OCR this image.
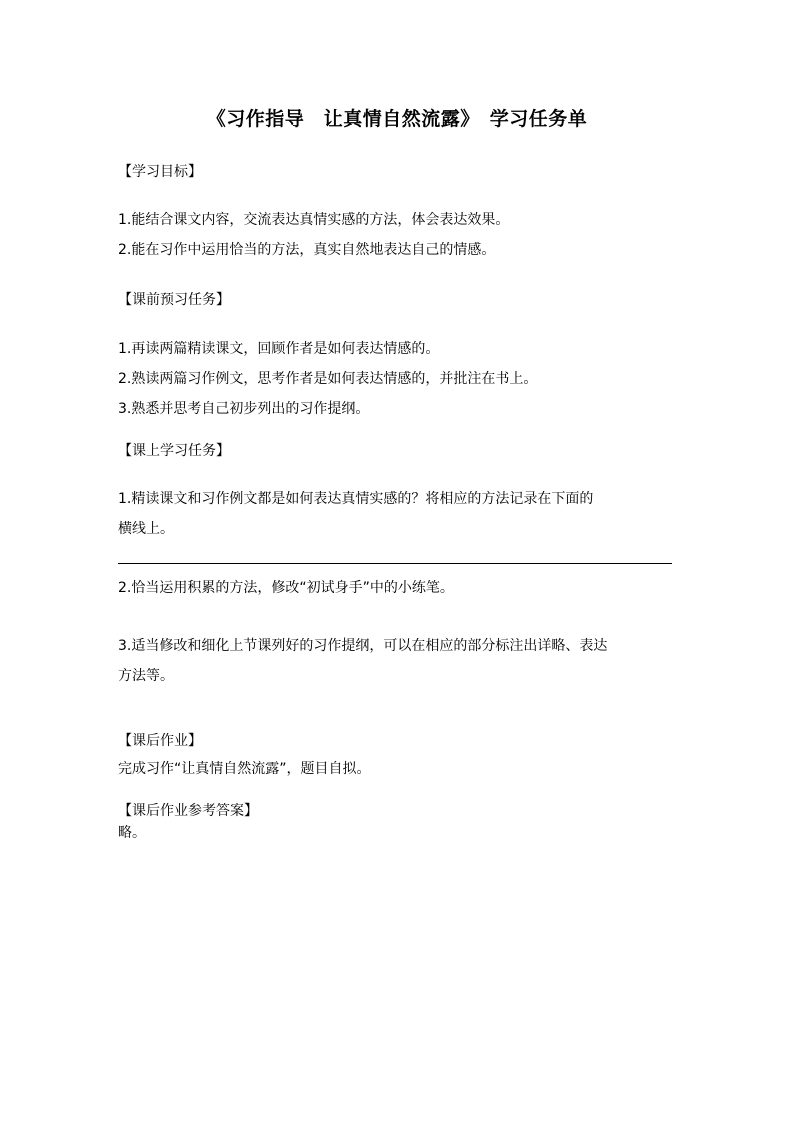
《习作指导　让真情自然流露》　学习任务单
【学习目标】
1.能结合课文内容，交流表达真情实感的方法，体会表达效果。
2.能在习作中运用恰当的方法，真实自然地表达自己的情感。
【课前预习任务】
1.再读两篇精读课文，回顾作者是如何表达情感的。
2.熟读两篇习作例文，思考作者是如何表达情感的，并批注在书上。
3.熟悉并思考自己初步列出的习作提纲。
【课上学习任务】
1.精读课文和习作例文都是如何表达真情实感的？将相应的方法记录在下面的
横线上。
2.恰当运用积累的方法，修改“初试身手”中的小练笔。
3.适当修改和细化上节课列好的习作提纲，可以在相应的部分标注出详略、表达
方法等。
【课后作业】
完成习作“让真情自然流露”，题目自拟。
【课后作业参考答案】
略。
